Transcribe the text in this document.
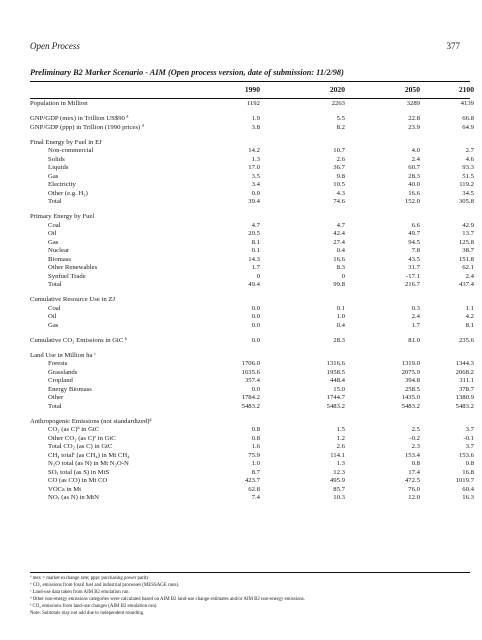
Open Process	377
Preliminary B2 Marker Scenario - AIM (Open process version, date of submission: 11/2/98)
1990	2020	2050	2100
Population in Million	1192	2263	3289	4139
GNP/GDP (mex) in Trillion US$90 ª	1.9	5.5	22.8	66.8
GNP/GDP (ppp) in Trillion (1990 prices) ª	3.8	8.2	23.9	64.9
Final Energy by Fuel in EJ
Non-commercial	14.2	10.7	4.0	2.7
Solids	1.3	2.6	2.4	4.6
Liquids	17.0	36.7	60.7	93.3
Gas	3.5	9.8	28.3	51.5
Electricity	3.4	10.5	40.0	119.2
Other (e.g. H₂)	0.0	4.3	16.6	34.5
Total	39.4	74.6	152.0	305.8
Primary Energy by Fuel
Coal	4.7	4.7	6.6	42.9
Oil	20.5	42.4	49.7	13.7
Gas	8.1	27.4	94.5	125.8
Nuclear	0.1	0.4	7.8	38.7
Biomass	14.3	16.6	43.5	151.8
Other Renewables	1.7	8.3	31.7	62.1
Synfuel Trade	0	0	-17.1	2.4
Total	49.4	99.8	216.7	437.4
Cumulative Resource Use in ZJ
Coal	0.0	0.1	0.3	1.1
Oil	0.0	1.0	2.4	4.2
Gas	0.0	0.4	1.7	8.1
Cumulative CO₂ Emissions in GtC ᵇ	0.0	28.3	81.0	235.6
Land Use in Million ha ᶜ
Forests	1706.0	1316.6	1319.0	1344.3
Grasslands	1635.6	1958.5	2075.9	2068.2
Cropland	357.4	448.4	394.8	311.1
Energy Biomass	0.0	15.0	258.5	378.7
Other	1784.2	1744.7	1435.0	1380.9
Total	5483.2	5483.2	5483.2	5483.2
Anthropogenic Emissions (not standardized)ᵈ
CO₂ (as C)ᵇ in GtC	0.8	1.5	2.5	3.7
Other CO₂ (as C)ᵉ in GtC	0.8	1.2	-0.2	-0.1
Total CO₂ (as C) in GtC	1.6	2.6	2.3	3.7
CH₄ totalᶜ (as CH₄) in Mt CH₄	75.9	114.1	153.4	153.6
N₂O total (as N) in Mt N₂O-N	1.0	1.3	0.8	0.8
SOₓ total (as S) in MtS	8.7	12.3	17.4	16.8
CO (as CO) in Mt CO	423.7	495.9	472.5	1019.7
VOCs in Mt	62.8	85.7	76.0	60.4
NOₓ (as N) in MtN	7.4	10.3	12.0	16.3
ª mex = market exchange rate; pppc purchasing power parity
ᵇ CO₂ emissions from fossil fuel and industrial processes (MESSAGE runs).
ᶜ Land-use data taken from AIM B2 emulation run.
ᵈ Other non-energy emissions categories were calculated based on AIM B2 land-use change estimates and/or AIM B2 non-energy emissions.
ᵉ CO₂ emissions from land-use changes (AIM B2 emulation run)
Note: Subtotals may not add due to independent rounding.
